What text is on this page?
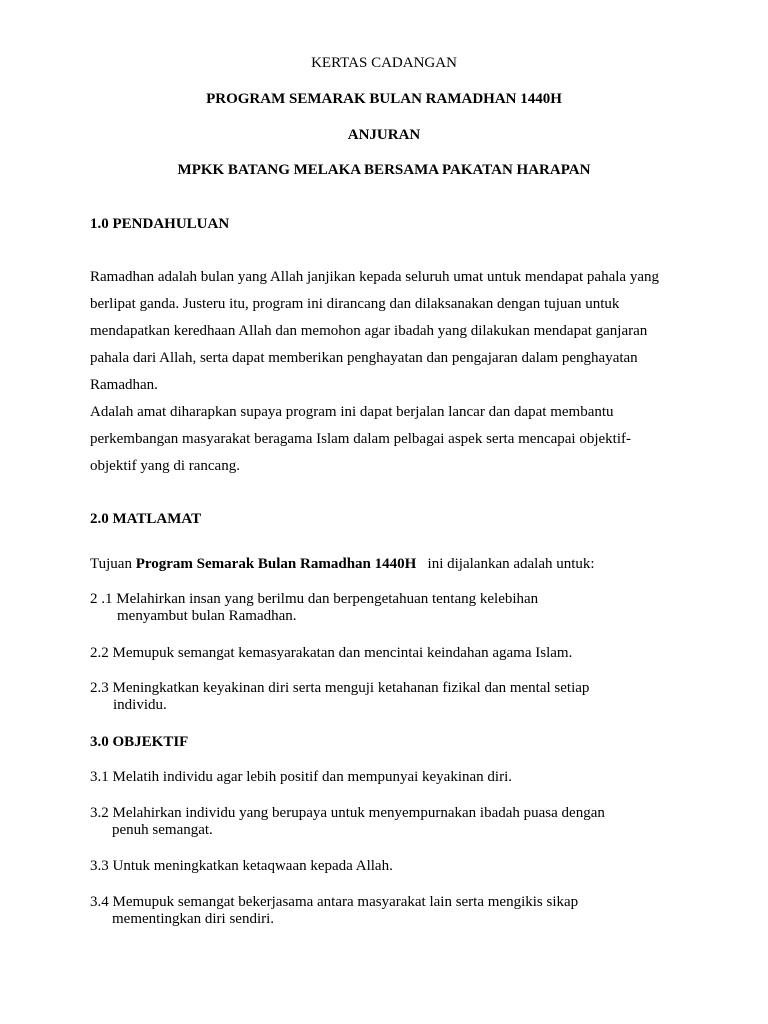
KERTAS CADANGAN
PROGRAM SEMARAK BULAN RAMADHAN 1440H
ANJURAN
MPKK BATANG MELAKA BERSAMA PAKATAN HARAPAN
1.0 PENDAHULUAN
Ramadhan adalah bulan yang Allah janjikan kepada seluruh umat untuk mendapat pahala yang
berlipat ganda. Justeru itu, program ini dirancang dan dilaksanakan dengan tujuan untuk
mendapatkan keredhaan Allah dan memohon agar ibadah yang dilakukan mendapat ganjaran
pahala dari Allah, serta dapat memberikan penghayatan dan pengajaran dalam penghayatan
Ramadhan.
Adalah amat diharapkan supaya program ini dapat berjalan lancar dan dapat membantu
perkembangan masyarakat beragama Islam dalam pelbagai aspek serta mencapai objektif-
objektif yang di rancang.
2.0 MATLAMAT
Tujuan Program Semarak Bulan Ramadhan 1440H   ini dijalankan adalah untuk:
2 .1 Melahirkan insan yang berilmu dan berpengetahuan tentang kelebihan
menyambut bulan Ramadhan.
2.2 Memupuk semangat kemasyarakatan dan mencintai keindahan agama Islam.
2.3 Meningkatkan keyakinan diri serta menguji ketahanan fizikal dan mental setiap
individu.
3.0 OBJEKTIF
3.1 Melatih individu agar lebih positif dan mempunyai keyakinan diri.
3.2 Melahirkan individu yang berupaya untuk menyempurnakan ibadah puasa dengan
penuh semangat.
3.3 Untuk meningkatkan ketaqwaan kepada Allah.
3.4 Memupuk semangat bekerjasama antara masyarakat lain serta mengikis sikap
mementingkan diri sendiri.
